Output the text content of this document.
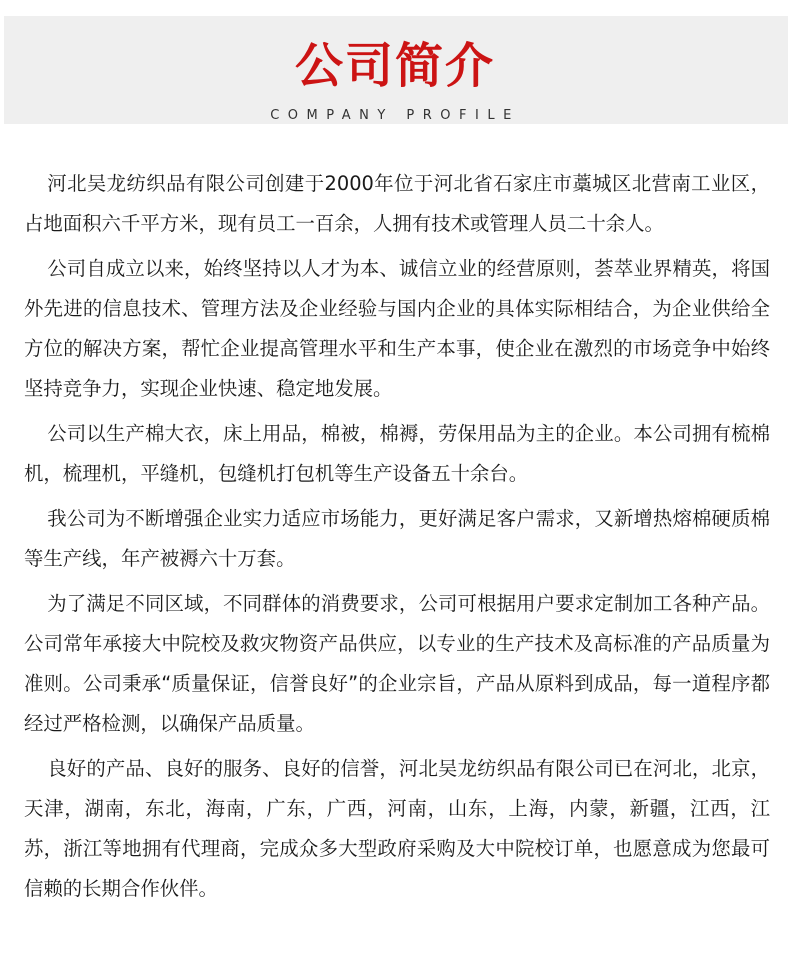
公司简介
COMPANY PROFILE

河北吴龙纺织品有限公司创建于2000年位于河北省石家庄市藁城区北营南工业区，占地面积六千平方米，现有员工一百余，人拥有技术或管理人员二十余人。

公司自成立以来，始终坚持以人才为本、诚信立业的经营原则，荟萃业界精英，将国外先进的信息技术、管理方法及企业经验与国内企业的具体实际相结合，为企业供给全方位的解决方案，帮忙企业提高管理水平和生产本事，使企业在激烈的市场竞争中始终坚持竞争力，实现企业快速、稳定地发展。

公司以生产棉大衣，床上用品，棉被，棉褥，劳保用品为主的企业。本公司拥有梳棉机，梳理机，平缝机，包缝机打包机等生产设备五十余台。

我公司为不断增强企业实力适应市场能力，更好满足客户需求，又新增热熔棉硬质棉等生产线，年产被褥六十万套。

为了满足不同区域，不同群体的消费要求，公司可根据用户要求定制加工各种产品。公司常年承接大中院校及救灾物资产品供应，以专业的生产技术及高标准的产品质量为准则。公司秉承“质量保证，信誉良好”的企业宗旨，产品从原料到成品，每一道程序都经过严格检测，以确保产品质量。

良好的产品、良好的服务、良好的信誉，河北吴龙纺织品有限公司已在河北，北京，天津，湖南，东北，海南，广东，广西，河南，山东，上海，内蒙，新疆，江西，江苏，浙江等地拥有代理商，完成众多大型政府采购及大中院校订单，也愿意成为您最可信赖的长期合作伙伴。
